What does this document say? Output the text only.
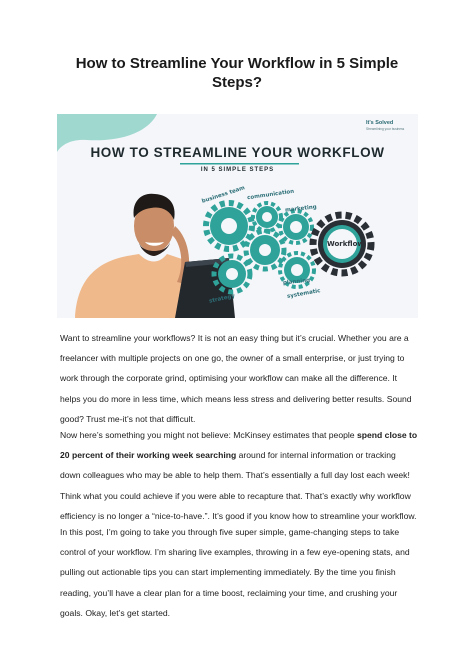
How to Streamline Your Workflow in 5 Simple Steps?
It's Solved
Streamlining your business
HOW TO STREAMLINE YOUR WORKFLOW
IN 5 SIMPLE STEPS
business team communication
marketing
Workflow
strategy
planning
systematic

Want to streamline your workflows? It is not an easy thing but it’s crucial. Whether you are a freelancer with multiple projects on one go, the owner of a small enterprise, or just trying to work through the corporate grind, optimising your workflow can make all the difference. It helps you do more in less time, which means less stress and delivering better results. Sound good? Trust me-it’s not that difficult.

Now here’s something you might not believe: McKinsey estimates that people spend close to 20 percent of their working week searching around for internal information or tracking down colleagues who may be able to help them. That’s essentially a full day lost each week! Think what you could achieve if you were able to recapture that. That’s exactly why workflow efficiency is no longer a “nice-to-have.”. It’s good if you know how to streamline your workflow.

In this post, I’m going to take you through five super simple, game-changing steps to take control of your workflow. I’m sharing live examples, throwing in a few eye-opening stats, and pulling out actionable tips you can start implementing immediately. By the time you finish reading, you’ll have a clear plan for a time boost, reclaiming your time, and crushing your goals. Okay, let’s get started.
